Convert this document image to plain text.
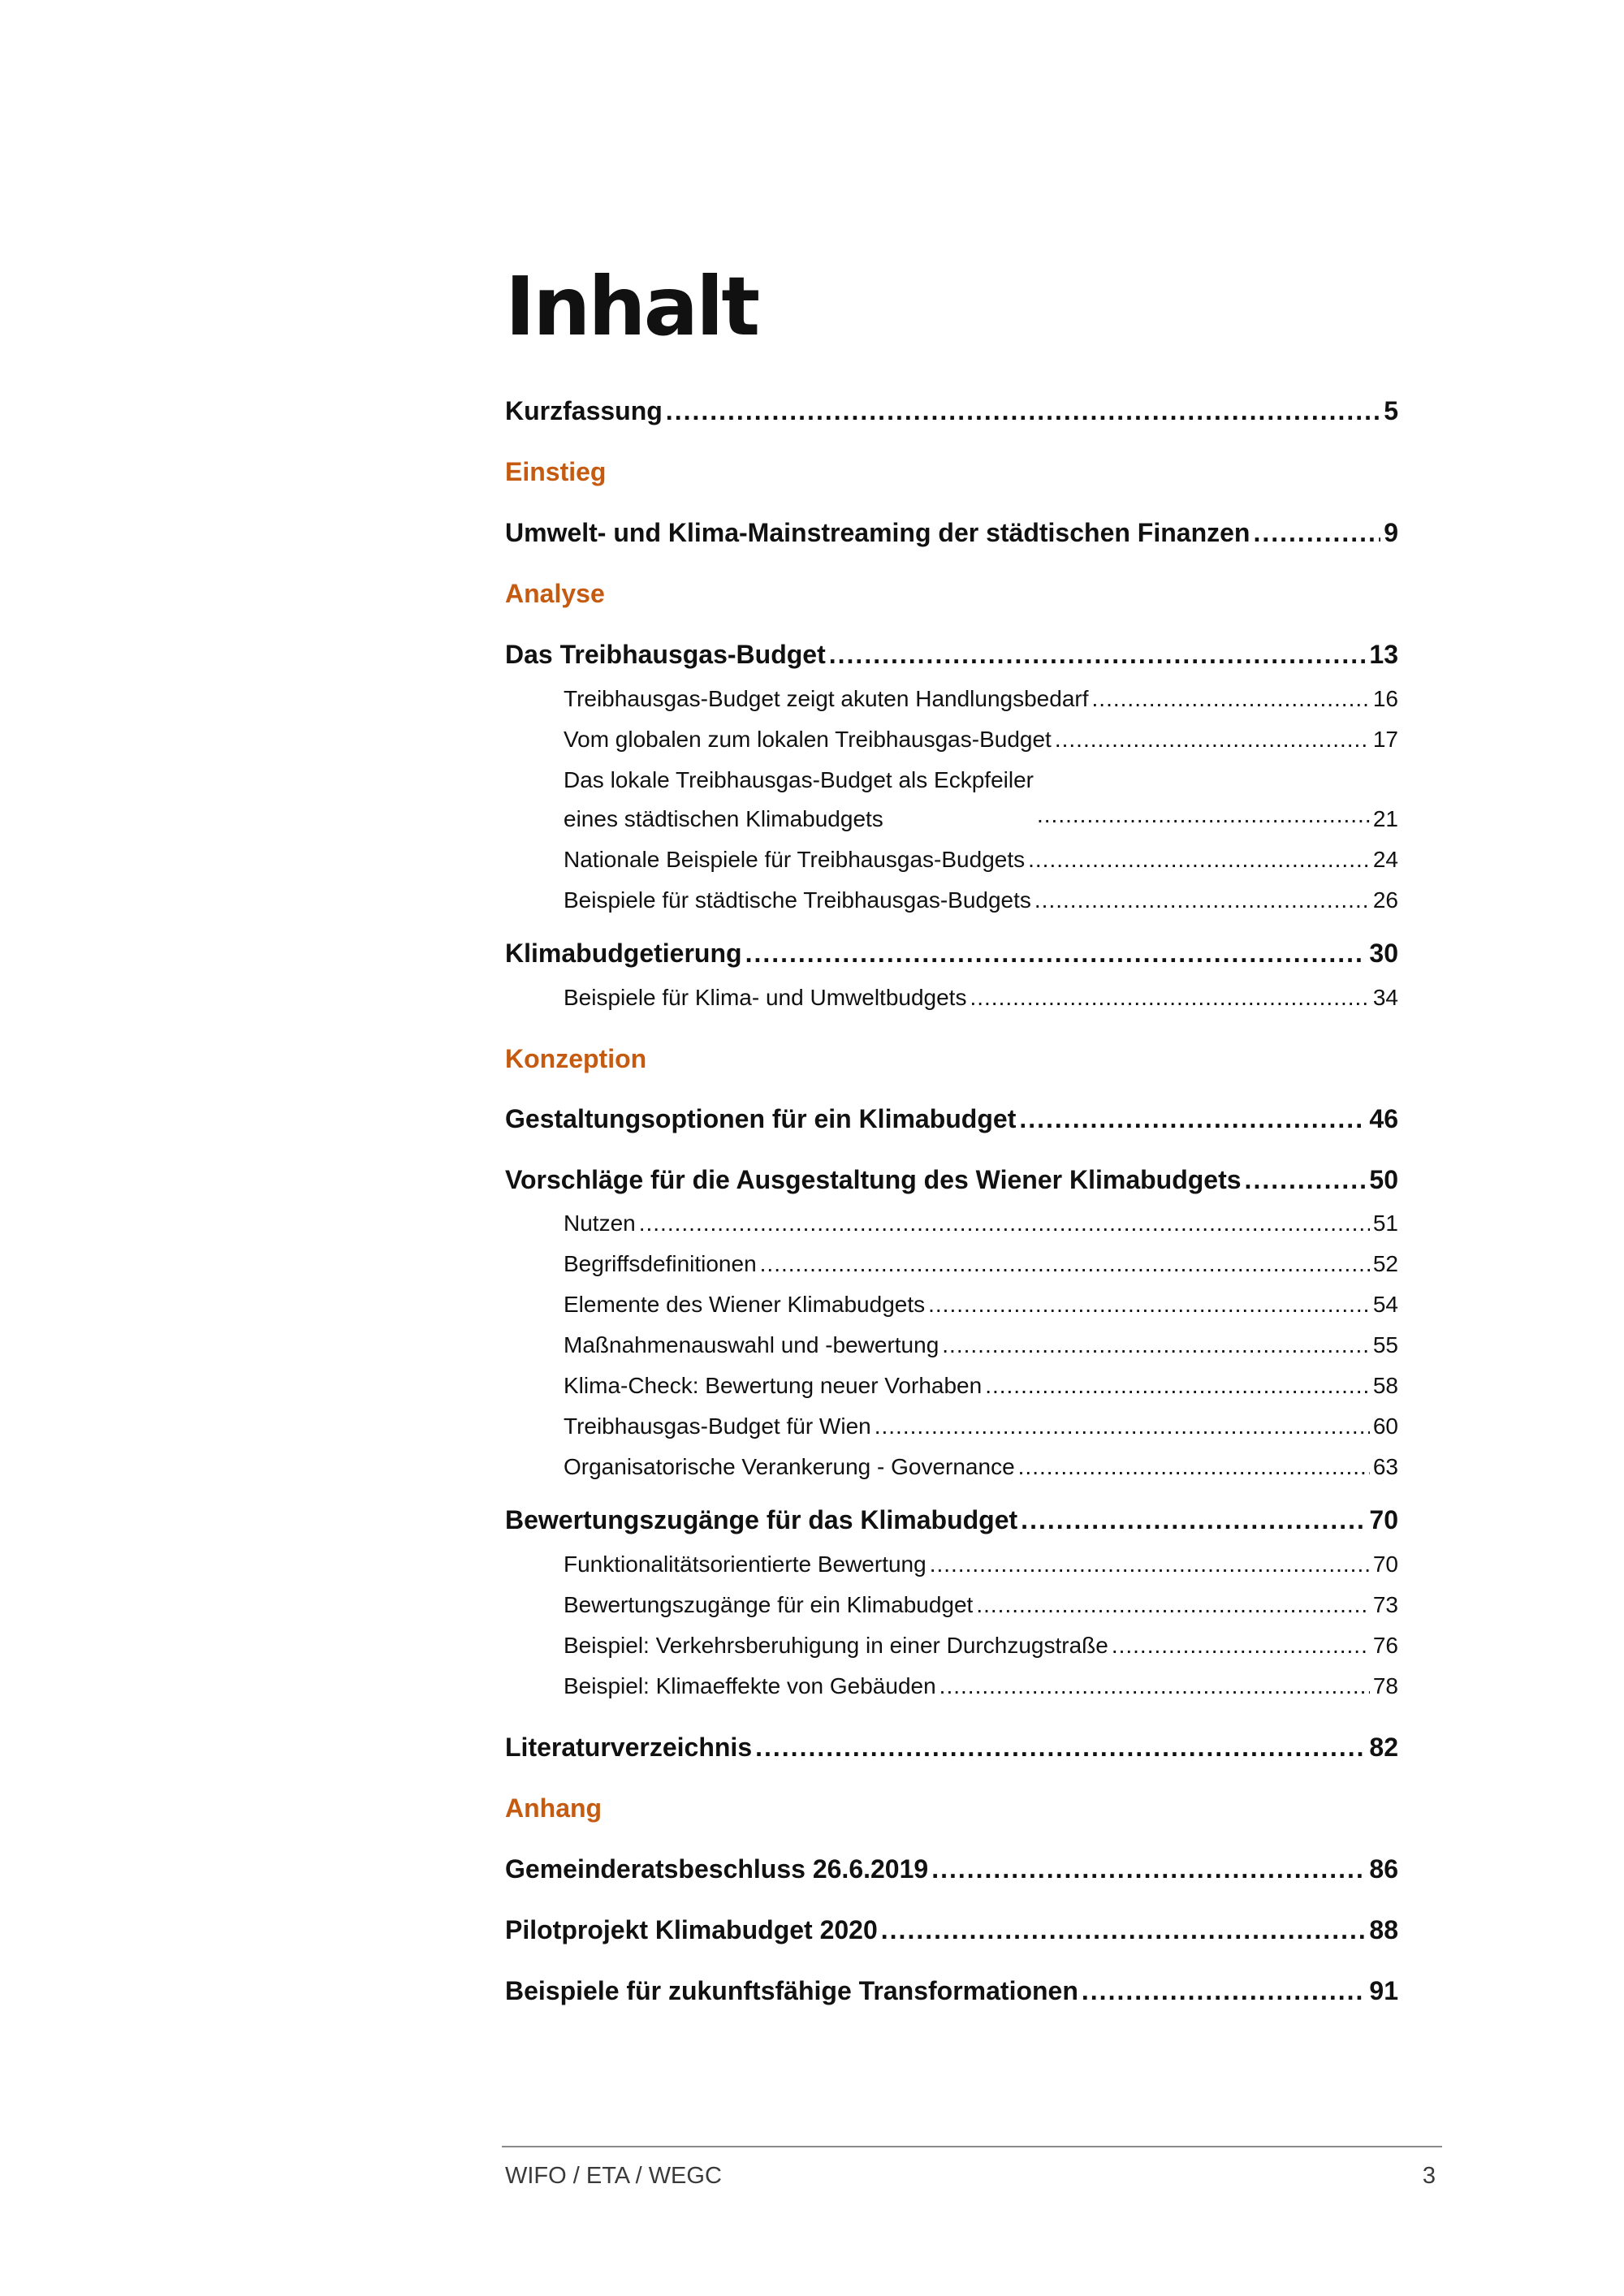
Inhalt
Kurzfassung .....	5
Einstieg
Umwelt- und Klima-Mainstreaming der städtischen Finanzen .....	9
Analyse
Das Treibhausgas-Budget .....	13
Treibhausgas-Budget zeigt akuten Handlungsbedarf .....	16
Vom globalen zum lokalen Treibhausgas-Budget .....	17
Das lokale Treibhausgas-Budget als Eckpfeiler
eines städtischen Klimabudgets .....	21
Nationale Beispiele für Treibhausgas-Budgets .....	24
Beispiele für städtische Treibhausgas-Budgets .....	26
Klimabudgetierung .....	30
Beispiele für Klima- und Umweltbudgets .....	34
Konzeption
Gestaltungsoptionen für ein Klimabudget .....	46
Vorschläge für die Ausgestaltung des Wiener Klimabudgets .....	50
Nutzen .....	51
Begriffsdefinitionen .....	52
Elemente des Wiener Klimabudgets .....	54
Maßnahmenauswahl und -bewertung .....	55
Klima-Check: Bewertung neuer Vorhaben .....	58
Treibhausgas-Budget für Wien .....	60
Organisatorische Verankerung - Governance .....	63
Bewertungszugänge für das Klimabudget .....	70
Funktionalitätsorientierte Bewertung .....	70
Bewertungszugänge für ein Klimabudget .....	73
Beispiel: Verkehrsberuhigung in einer Durchzugstraße .....	76
Beispiel: Klimaeffekte von Gebäuden .....	78
Literaturverzeichnis .....	82
Anhang
Gemeinderatsbeschluss 26.6.2019 .....	86
Pilotprojekt Klimabudget 2020 .....	88
Beispiele für zukunftsfähige Transformationen .....	91
WIFO / ETA / WEGC	3
